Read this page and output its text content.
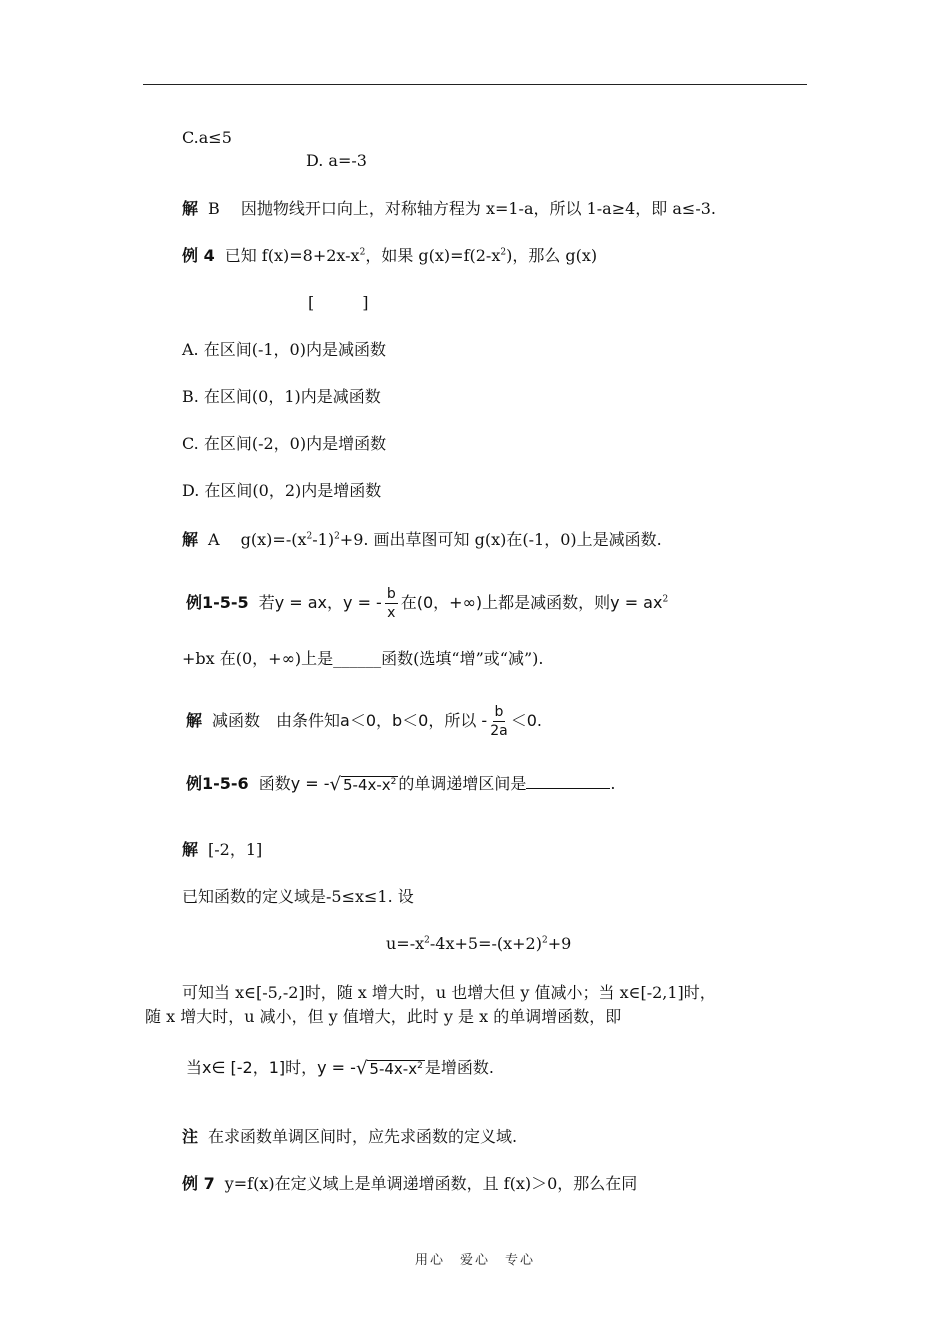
C.a≤5
D. a=-3
解 B　 因抛物线开口向上，对称轴方程为 x=1-a，所以 1-a≥4，即 a≤-3.
例 4 已知 $f(x)=8+2x-x^2$，如果 $g(x)=f(2-x^2)$，那么 g(x)
[　　　]
A. 在区间(-1，0)内是减函数
B. 在区间(0，1)内是减函数
C. 在区间(-2，0)内是增函数
D. 在区间(0，2)内是增函数
解 A　 $g(x)=-(x^2-1)^2+9$. 画出草图可知 g(x)在(-1，0)上是减函数.
例1-5-5 若y = ax，y = - $\frac{b}{x}$ 在(0，+∞)上都是减函数，则$y = ax^2$
+bx 在(0，+∞)上是______函数(选填“增”或“减”).
解 减函数　由条件知a＜0，b＜0，所以 - $\frac{b}{2a} <0$.
例1-5-6 函数y = - √ $5-4x-x^2$ 的单调递增区间是	.
解 [-2，1]
已知函数的定义域是-5≤x≤1. 设
$u=-x^2-4x+5=-(x+2)^2+9$
可知当 x∈[-5,-2]时，随 x 增大时，u 也增大但 y 值减小；当 x∈[-2,1]时，
随 x 增大时，u 减小，但 y 值增大，此时 y 是 x 的单调增函数，即
当x∈ [-2，1]时，y = - √ $5-4x-x^2$ 是增函数.
注 在求函数单调区间时，应先求函数的定义域.
例 7 y=f(x)在定义域上是单调递增函数，且 f(x)＞0，那么在同
用心　爱心　专心
